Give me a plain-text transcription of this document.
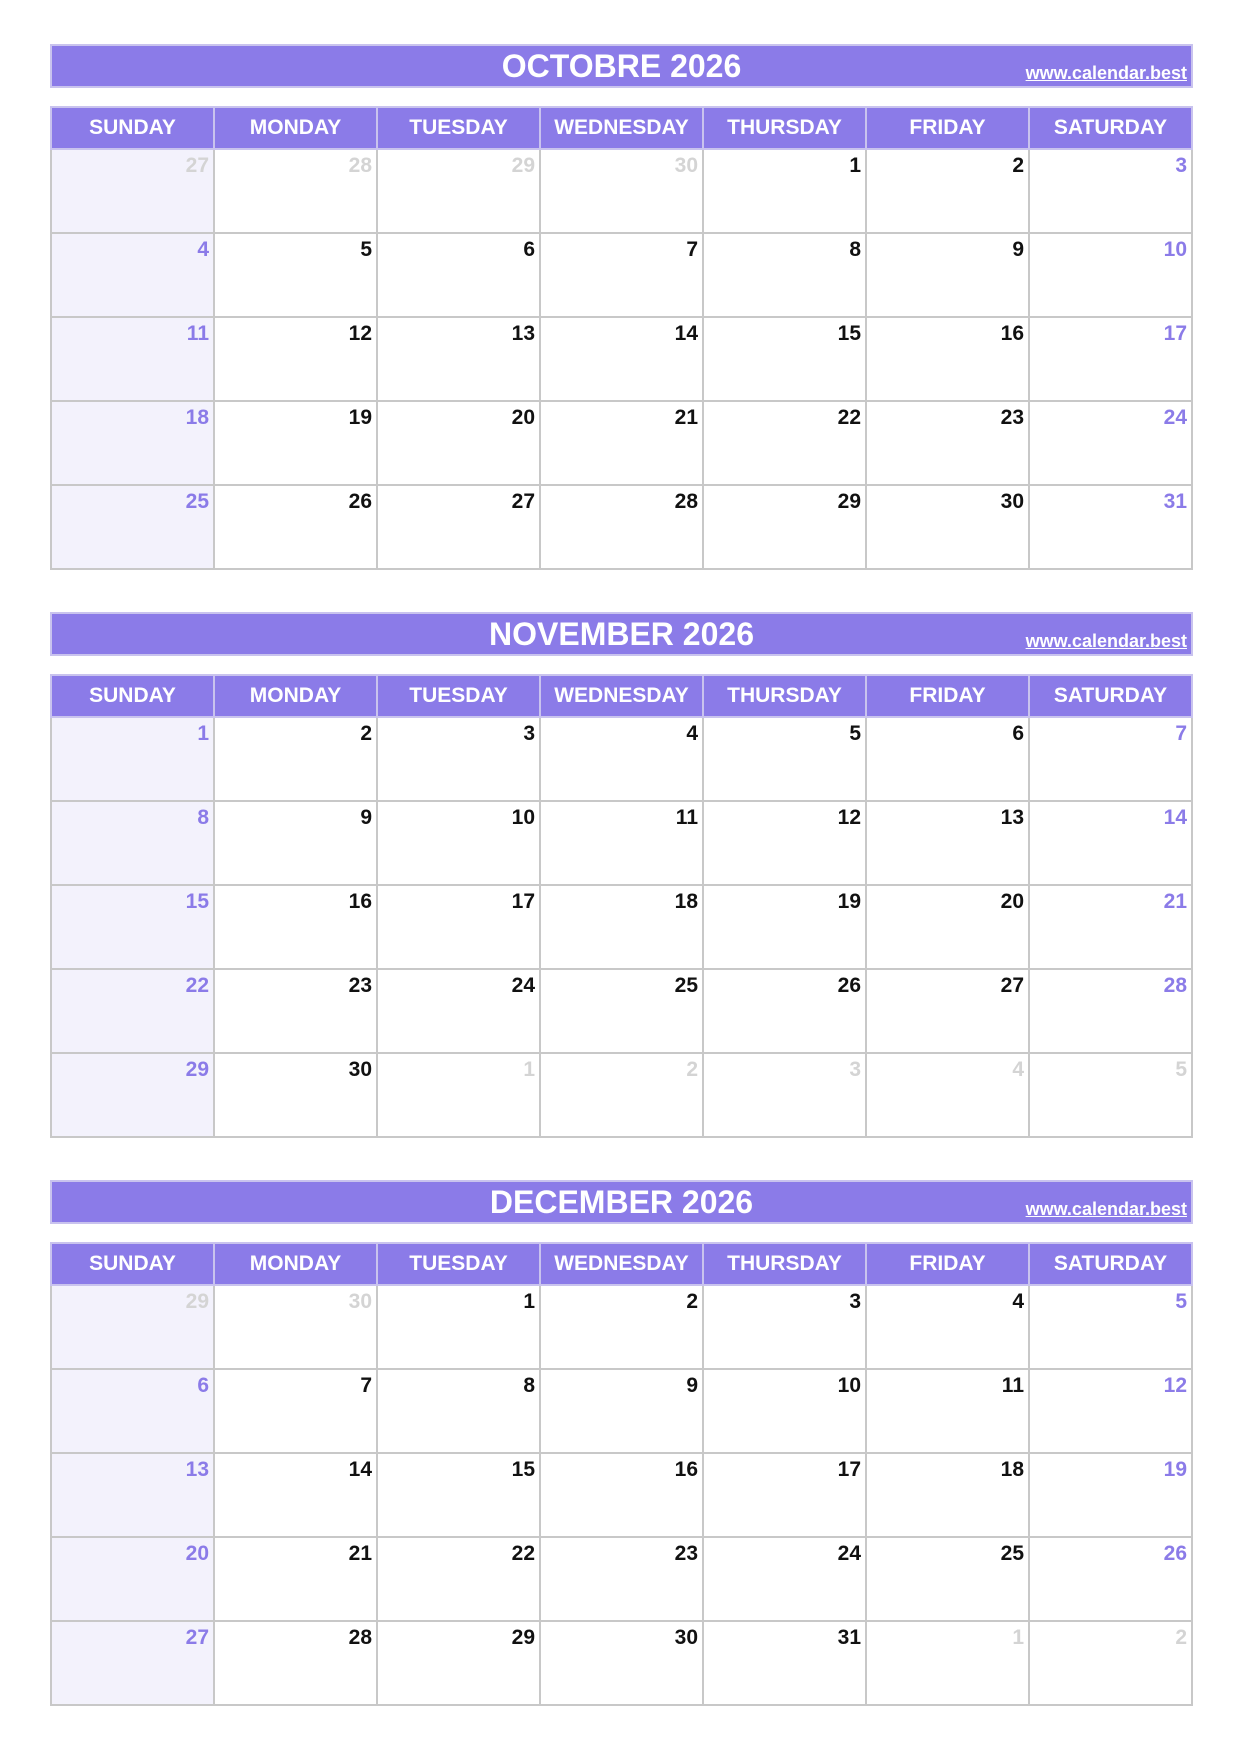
OCTOBRE 2026	www.calendar.best
SUNDAY	MONDAY	TUESDAY	WEDNESDAY	THURSDAY	FRIDAY	SATURDAY

27	28	29	30	1	2	3

4	5	6	7	8	9	10

11	12	13	14	15	16	17

18	19	20	21	22	23	24

25	26	27	28	29	30	31
NOVEMBER 2026	www.calendar.best
SUNDAY	MONDAY	TUESDAY	WEDNESDAY	THURSDAY	FRIDAY	SATURDAY

1	2	3	4	5	6	7

8	9	10	11	12	13	14

15	16	17	18	19	20	21

22	23	24	25	26	27	28

29	30	1	2	3	4	5
DECEMBER 2026	www.calendar.best
SUNDAY	MONDAY	TUESDAY	WEDNESDAY	THURSDAY	FRIDAY	SATURDAY

29	30	1	2	3	4	5

6	7	8	9	10	11	12

13	14	15	16	17	18	19

20	21	22	23	24	25	26

27	28	29	30	31	1	2
